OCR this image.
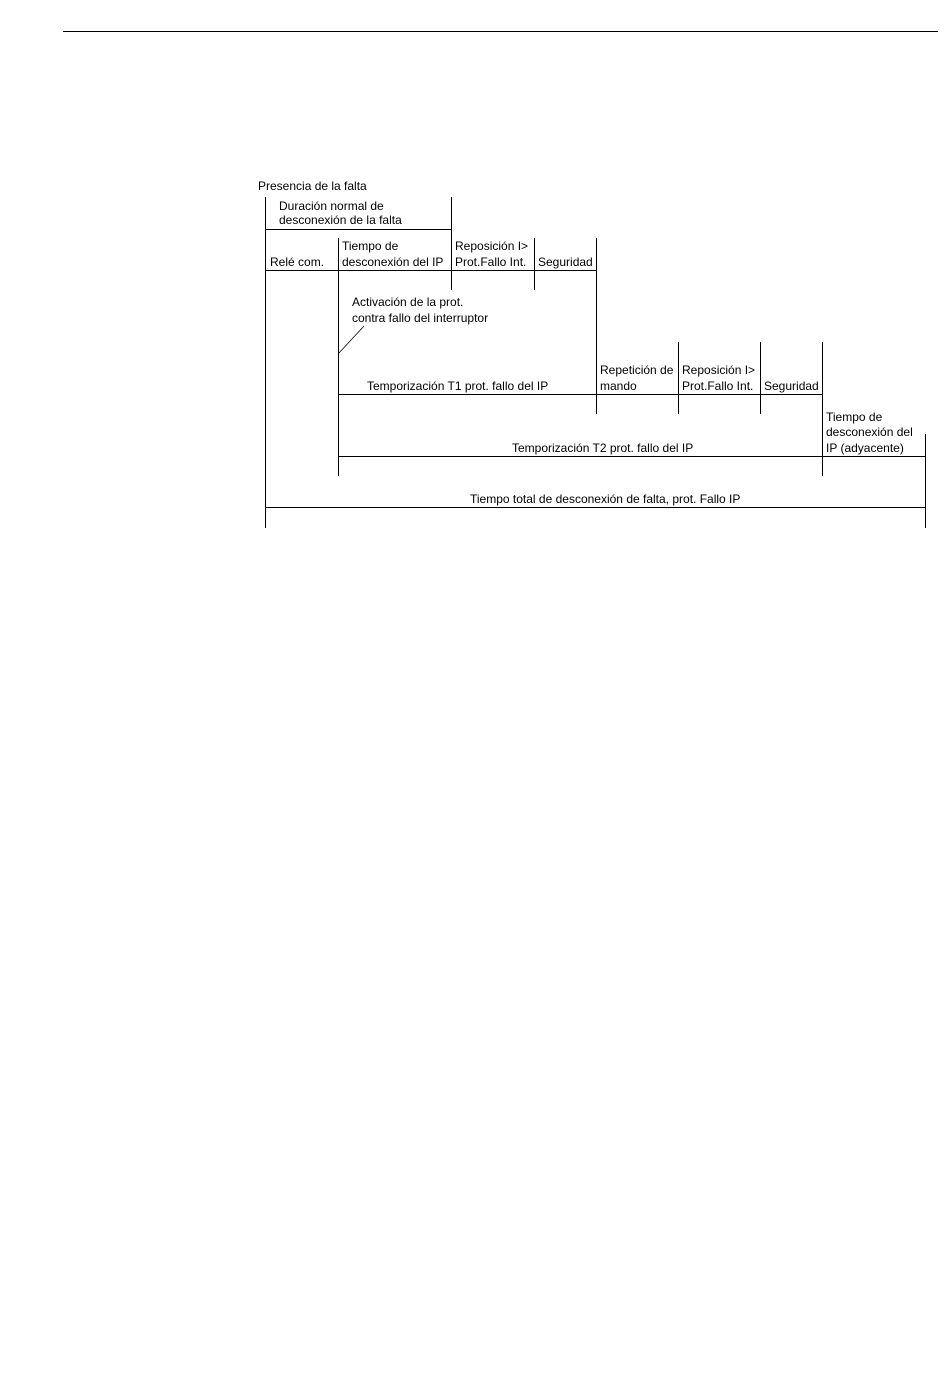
Presencia de la falta
Duración normal de
desconexión de la falta
Relé com.
Tiempo de
desconexión del IP
Reposición I>
Prot.Fallo Int. Seguridad
Activación de la prot.
contra fallo del interruptor
Repetición de
mando
Reposición I>
Prot.Fallo Int. Seguridad
Temporización T1 prot. fallo del IP
Tiempo de
desconexión del
IP (adyacente)
Temporización T2 prot. fallo del IP
Tiempo total de desconexión de falta, prot. Fallo IP
